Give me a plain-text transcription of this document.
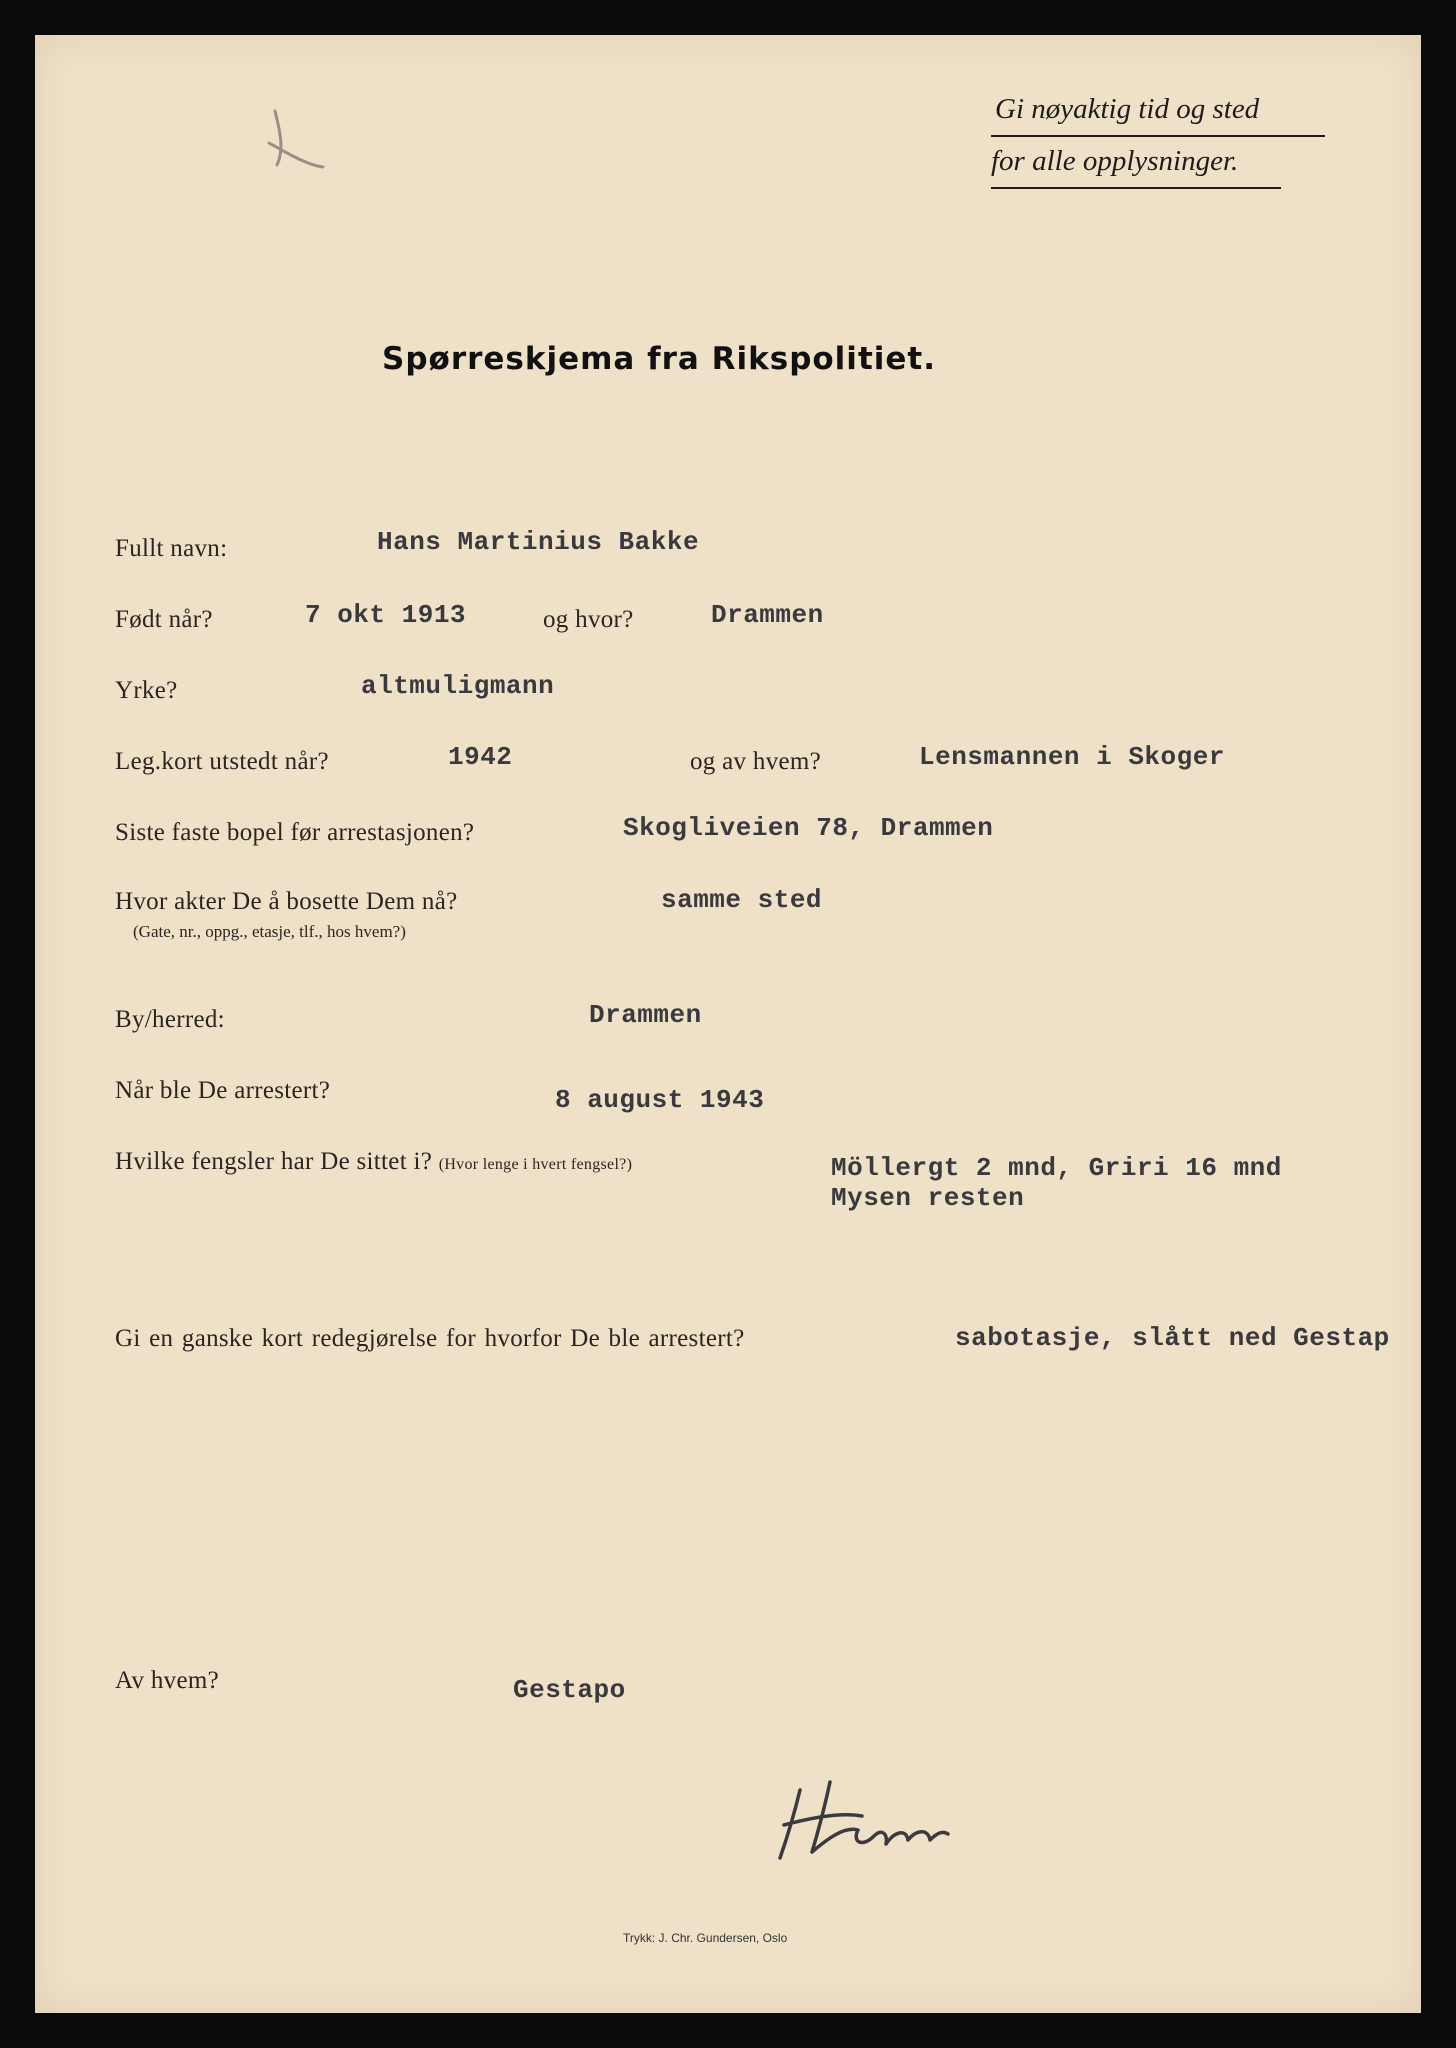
Gi nøyaktig tid og sted
for alle opplysninger.
Spørreskjema fra Rikspolitiet.
Fullt navn:	Hans Martinius Bakke
Født når?	7 okt 1913	og hvor?	Drammen
Yrke?	altmuligmann
Leg.kort utstedt når?	1942	og av hvem?	Lensmannen i Skoger
Siste faste bopel før arrestasjonen?	Skogliveien 78, Drammen
Hvor akter De å bosette Dem nå?
(Gate, nr., oppg., etasje, tlf., hos hvem?)
samme sted
By/herred:	Drammen
Når ble De arrestert?	8 august 1943
Hvilke fengsler har De sittet i? (Hvor lenge i hvert fengsel?)	Möllergt 2 mnd, Griri 16 mnd
Mysen resten
Gi en ganske kort redegjørelse for hvorfor De ble arrestert?	sabotasje, slått ned Gestap
Av hvem?	Gestapo
Trykk: J. Chr. Gundersen, Oslo
